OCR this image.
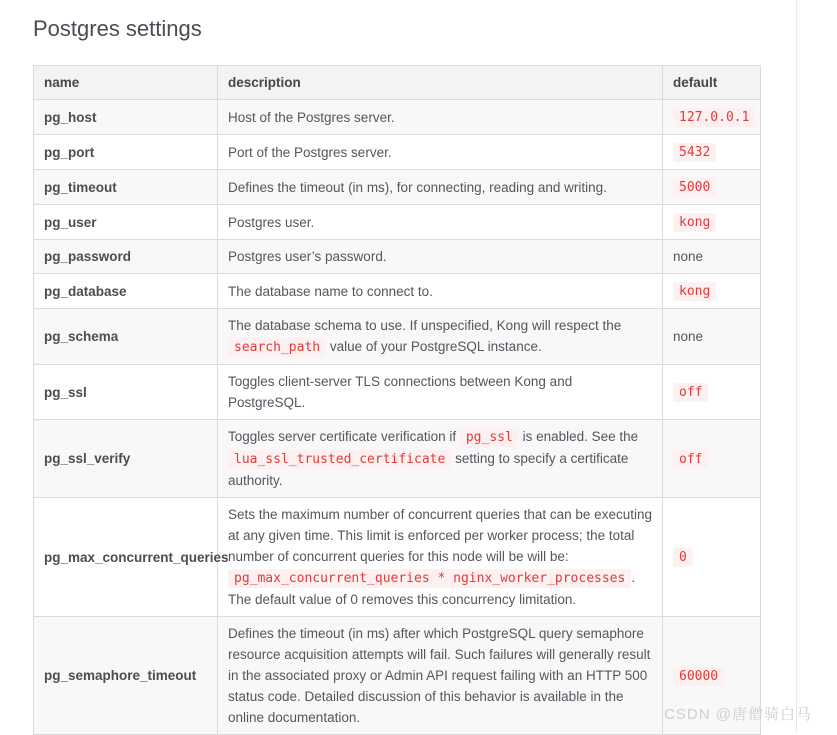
Postgres settings
name	description	default
pg_host	Host of the Postgres server.	127.0.0.1
pg_port	Port of the Postgres server.	5432
pg_timeout	Defines the timeout (in ms), for connecting, reading and writing.	5000
pg_user	Postgres user.	kong
pg_password	Postgres user’s password.	none
pg_database	The database name to connect to.	kong
pg_schema	The database schema to use. If unspecified, Kong will respect the search_path value of your PostgreSQL instance.	none
pg_ssl	Toggles client-server TLS connections between Kong and PostgreSQL.	off
pg_ssl_verify	Toggles server certificate verification if pg_ssl is enabled. See the lua_ssl_trusted_certificate setting to specify a certificate authority.	off
pg_max_concurrent_queries	Sets the maximum number of concurrent queries that can be executing at any given time. This limit is enforced per worker process; the total number of concurrent queries for this node will be will be: pg_max_concurrent_queries * nginx_worker_processes . The default value of 0 removes this concurrency limitation.	0
pg_semaphore_timeout	Defines the timeout (in ms) after which PostgreSQL query semaphore resource acquisition attempts will fail. Such failures will generally result in the associated proxy or Admin API request failing with an HTTP 500 status code. Detailed discussion of this behavior is available in the online documentation.	60000
CSDN @唐僧骑白马
